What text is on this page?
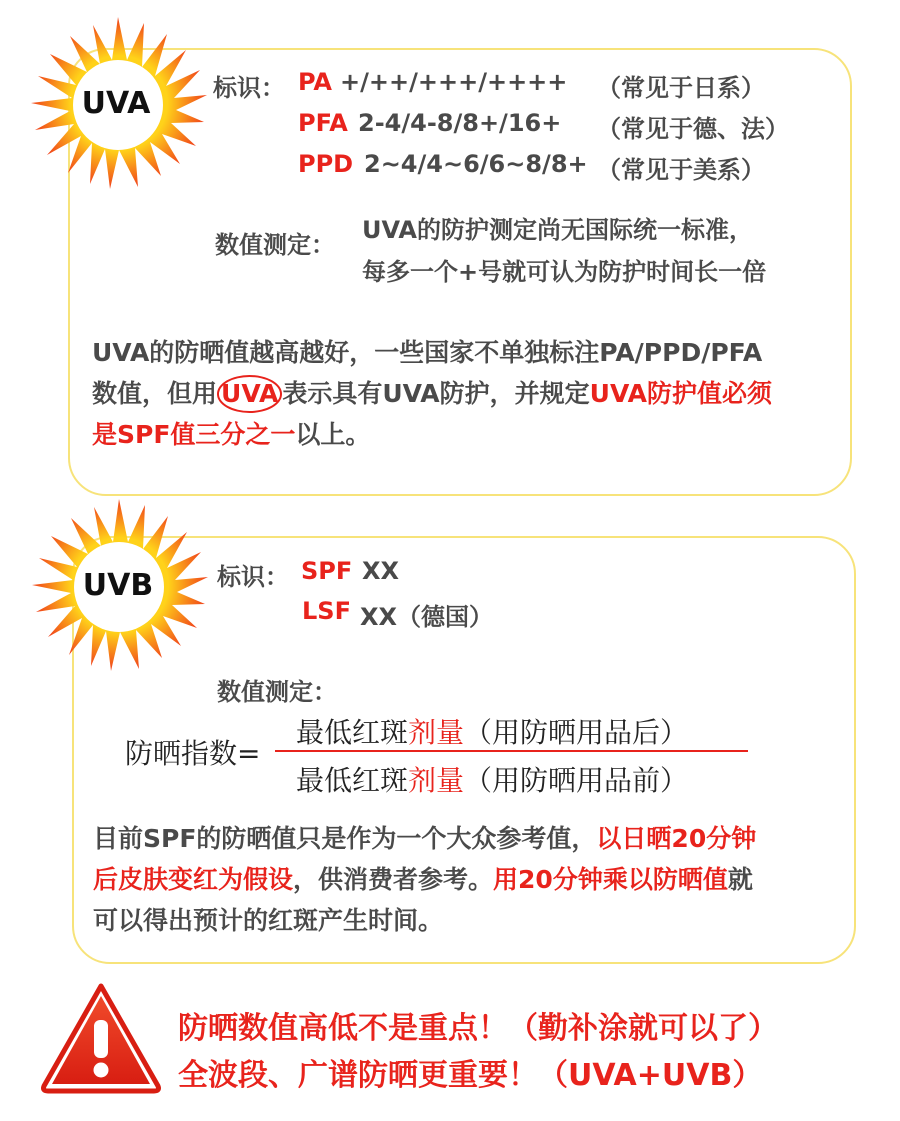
UVA	标识： PA +/++/+++/++++ （常见于日系）
PFA 2-4/4-8/8+/16+ （常见于德、法）
PPD 2~4/4~6/6~8/8+ （常见于美系）
数值测定：
UVA的防护测定尚无国际统一标准，
每多一个+号就可认为防护时间长一倍
UVA的防晒值越高越好，一些国家不单独标注PA/PPD/PFA
数值，但用 UVA 表示具有UVA防护，并规定UVA防护值必须
是SPF值三分之一以上。
UVB	标识： SPF XX
LSF XX（德国）
数值测定：
防晒指数=
最低红斑剂量（用防晒用品后）
最低红斑剂量（用防晒用品前）
目前SPF的防晒值只是作为一个大众参考值，以日晒20分钟
后皮肤变红为假设，供消费者参考。用20分钟乘以防晒值就
可以得出预计的红斑产生时间。
防晒数值高低不是重点！（勤补涂就可以了）
全波段、广谱防晒更重要！（UVA+UVB）
